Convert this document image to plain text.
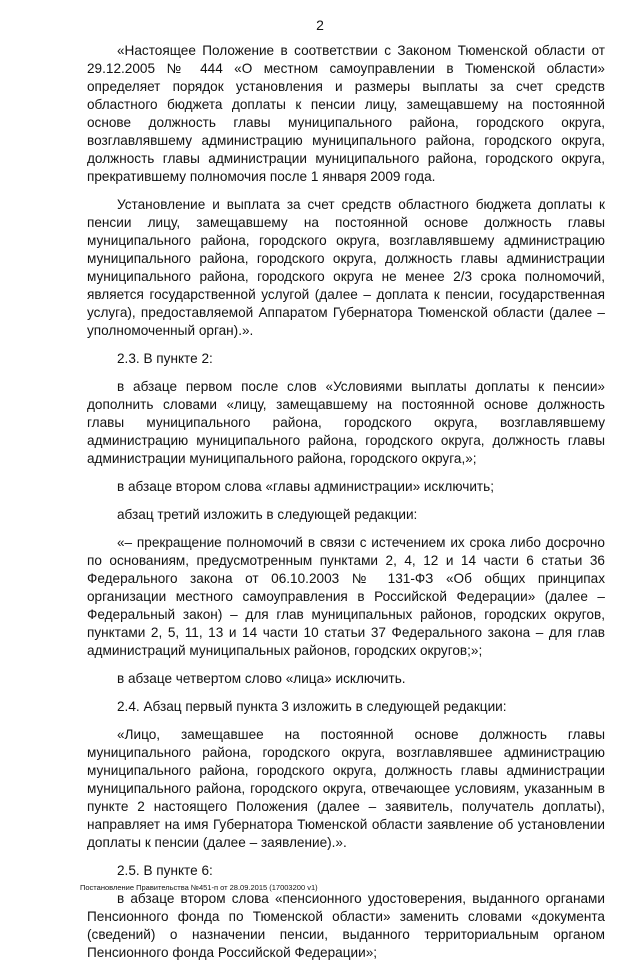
2

«Настоящее Положение в соответствии с Законом Тюменской области от 29.12.2005 № 444 «О местном самоуправлении в Тюменской области» определяет порядок установления и размеры выплаты за счет средств областного бюджета доплаты к пенсии лицу, замещавшему на постоянной основе должность главы муниципального района, городского округа, возглавлявшему администрацию муниципального района, городского округа, должность главы администрации муниципального района, городского округа, прекратившему полномочия после 1 января 2009 года.

Установление и выплата за счет средств областного бюджета доплаты к пенсии лицу, замещавшему на постоянной основе должность главы муниципального района, городского округа, возглавлявшему администрацию муниципального района, городского округа, должность главы администрации муниципального района, городского округа не менее 2/3 срока полномочий, является государственной услугой (далее – доплата к пенсии, государственная услуга), предоставляемой Аппаратом Губернатора Тюменской области (далее – уполномоченный орган).».

2.3. В пункте 2:

в абзаце первом после слов «Условиями выплаты доплаты к пенсии» дополнить словами «лицу, замещавшему на постоянной основе должность главы муниципального района, городского округа, возглавлявшему администрацию муниципального района, городского округа, должность главы администрации муниципального района, городского округа,»;

в абзаце втором слова «главы администрации» исключить;

абзац третий изложить в следующей редакции:

«– прекращение полномочий в связи с истечением их срока либо досрочно по основаниям, предусмотренным пунктами 2, 4, 12 и 14 части 6 статьи 36 Федерального закона от 06.10.2003 № 131-ФЗ «Об общих принципах организации местного самоуправления в Российской Федерации» (далее – Федеральный закон) – для глав муниципальных районов, городских округов, пунктами 2, 5, 11, 13 и 14 части 10 статьи 37 Федерального закона – для глав администраций муниципальных районов, городских округов;»;

в абзаце четвертом слово «лица» исключить.

2.4. Абзац первый пункта 3 изложить в следующей редакции:

«Лицо, замещавшее на постоянной основе должность главы муниципального района, городского округа, возглавлявшее администрацию муниципального района, городского округа, должность главы администрации муниципального района, городского округа, отвечающее условиям, указанным в пункте 2 настоящего Положения (далее – заявитель, получатель доплаты), направляет на имя Губернатора Тюменской области заявление об установлении доплаты к пенсии (далее – заявление).».

2.5. В пункте 6:

в абзаце втором слова «пенсионного удостоверения, выданного органами Пенсионного фонда по Тюменской области» заменить словами «документа (сведений) о назначении пенсии, выданного территориальным органом Пенсионного фонда Российской Федерации»;

Постановление Правительства №451-п от 28.09.2015 (17003200 v1)
